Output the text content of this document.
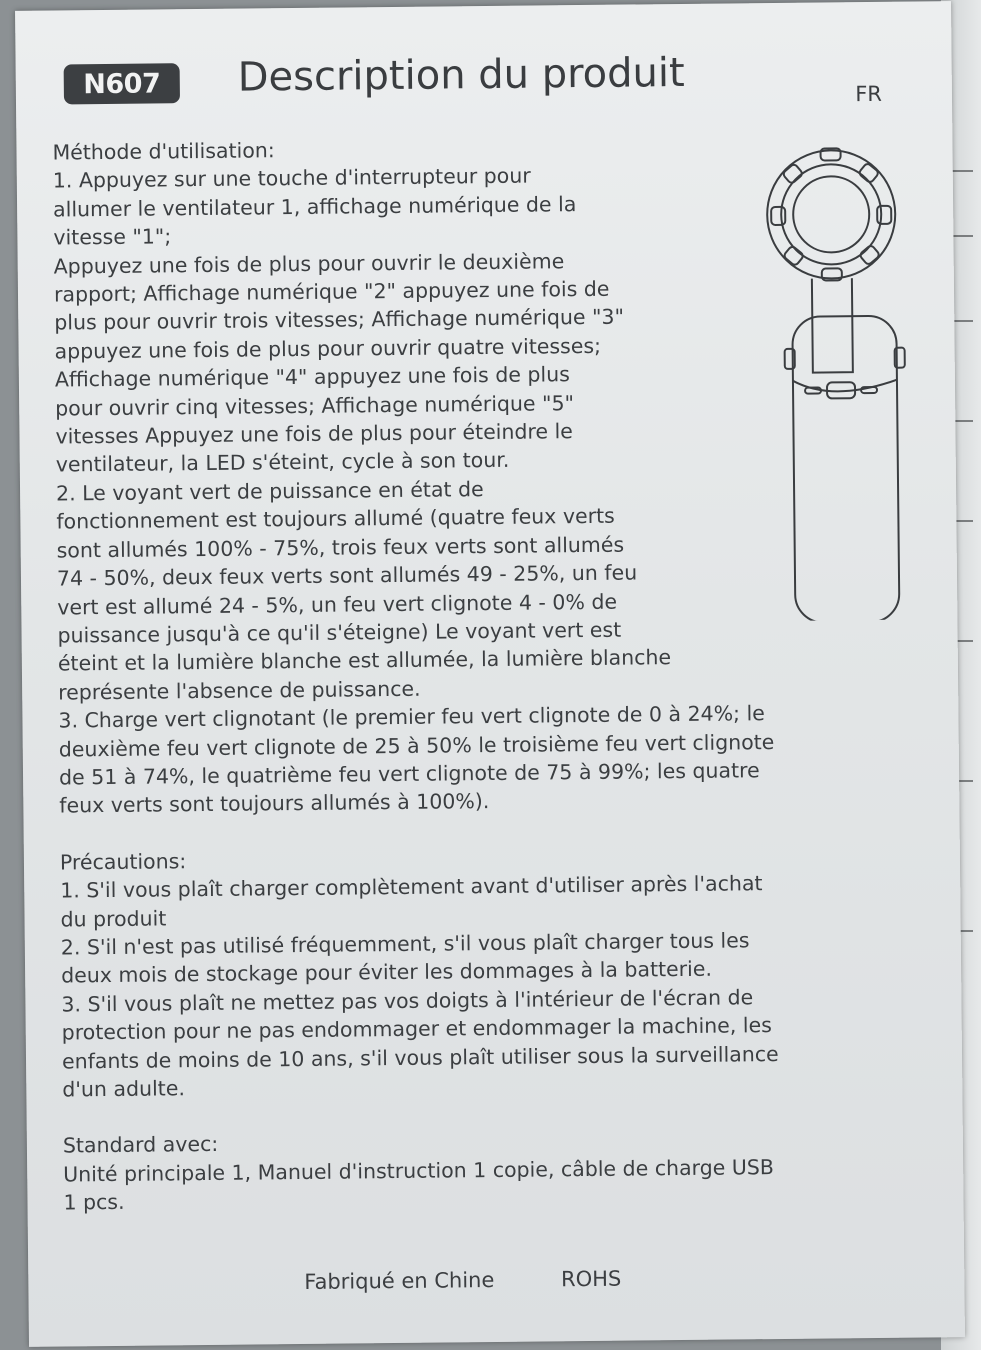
N607	Description du produit	FR

Méthode d'utilisation:

1. Appuyez sur une touche d'interrupteur pour

allumer le ventilateur 1, affichage numérique de la

vitesse "1";

Appuyez une fois de plus pour ouvrir le deuxième

rapport; Affichage numérique "2" appuyez une fois de

plus pour ouvrir trois vitesses; Affichage numérique "3"

appuyez une fois de plus pour ouvrir quatre vitesses;

Affichage numérique "4" appuyez une fois de plus

pour ouvrir cinq vitesses; Affichage numérique "5"

vitesses Appuyez une fois de plus pour éteindre le

ventilateur, la LED s'éteint, cycle à son tour.

2. Le voyant vert de puissance en état de

fonctionnement est toujours allumé (quatre feux verts

sont allumés 100% - 75%, trois feux verts sont allumés

74 - 50%, deux feux verts sont allumés 49 - 25%, un feu

vert est allumé 24 - 5%, un feu vert clignote 4 - 0% de

puissance jusqu'à ce qu'il s'éteigne) Le voyant vert est

éteint et la lumière blanche est allumée, la lumière blanche

représente l'absence de puissance.

3. Charge vert clignotant (le premier feu vert clignote de 0 à 24%; le

deuxième feu vert clignote de 25 à 50% le troisième feu vert clignote

de 51 à 74%, le quatrième feu vert clignote de 75 à 99%; les quatre

feux verts sont toujours allumés à 100%).

Précautions:

1. S'il vous plaît charger complètement avant d'utiliser après l'achat

du produit

2. S'il n'est pas utilisé fréquemment, s'il vous plaît charger tous les

deux mois de stockage pour éviter les dommages à la batterie.

3. S'il vous plaît ne mettez pas vos doigts à l'intérieur de l'écran de

protection pour ne pas endommager et endommager la machine, les

enfants de moins de 10 ans, s'il vous plaît utiliser sous la surveillance

d'un adulte.

Standard avec:

Unité principale 1, Manuel d'instruction 1 copie, câble de charge USB

1 pcs.

Fabriqué en Chine	ROHS
